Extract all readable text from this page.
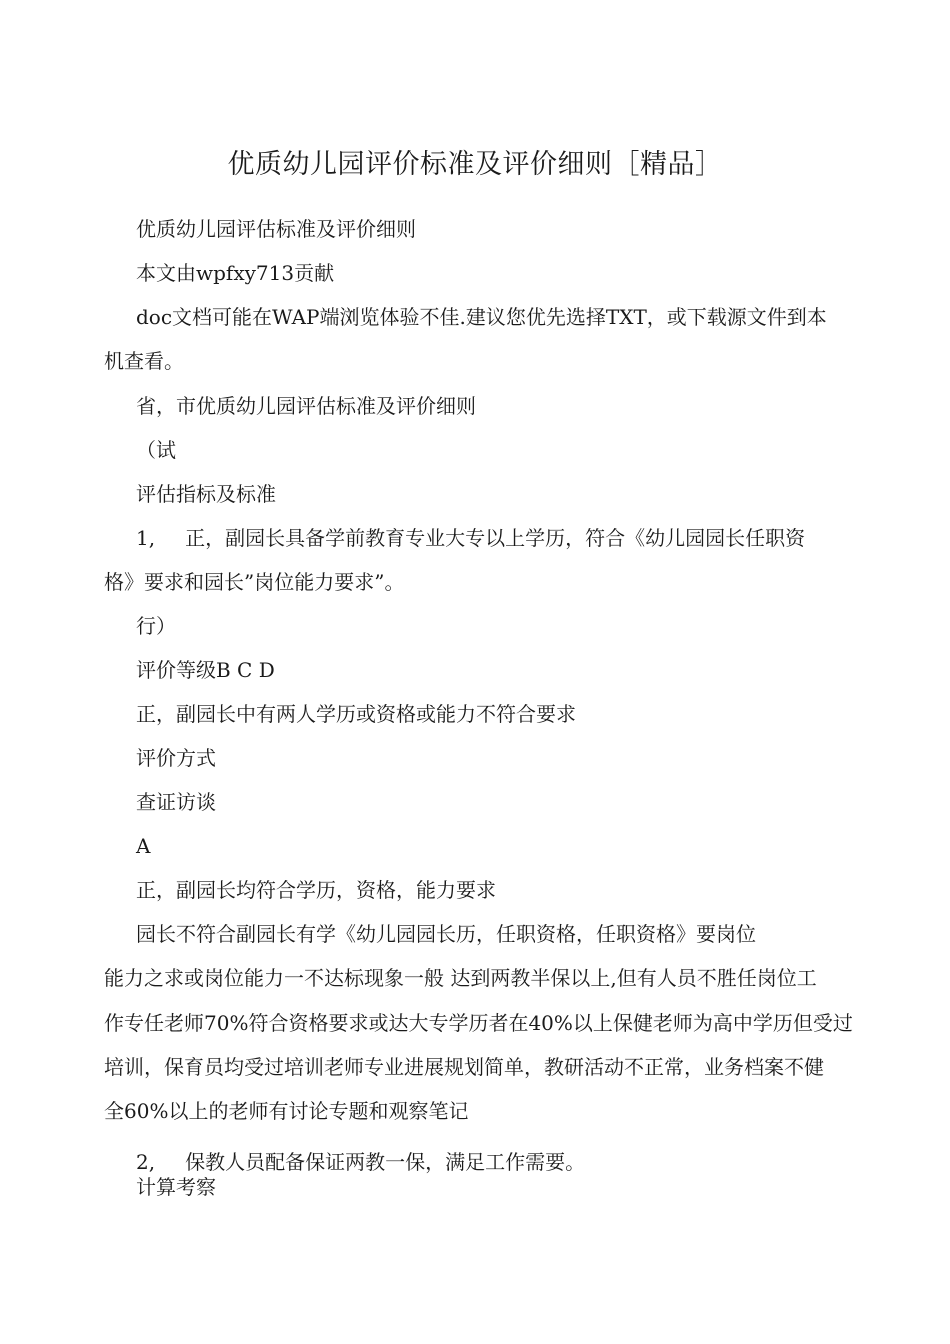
优质幼儿园评价标准及评价细则［精品］
优质幼儿园评估标准及评价细则
本文由wpfxy713贡献
doc文档可能在WAP端浏览体验不佳.建议您优先选择TXT，或下载源文件到本
机查看。
省，市优质幼儿园评估标准及评价细则
（试
评估指标及标准
1, 正，副园长具备学前教育专业大专以上学历，符合《幼儿园园长任职资
格》要求和园长”岗位能力要求”。
行）
评价等级B C D
正，副园长中有两人学历或资格或能力不符合要求
评价方式
查证访谈
A
正，副园长均符合学历，资格，能力要求
园长不符合副园长有学《幼儿园园长历，任职资格，任职资格》要岗位
能力之求或岗位能力一不达标现象一般 达到两教半保以上,但有人员不胜任岗位工
作专任老师70%符合资格要求或达大专学历者在40%以上保健老师为高中学历但受过
培训，保育员均受过培训老师专业进展规划简单，教研活动不正常，业务档案不健
全60%以上的老师有讨论专题和观察笔记
2, 保教人员配备保证两教一保，满足工作需要。
计算考察
